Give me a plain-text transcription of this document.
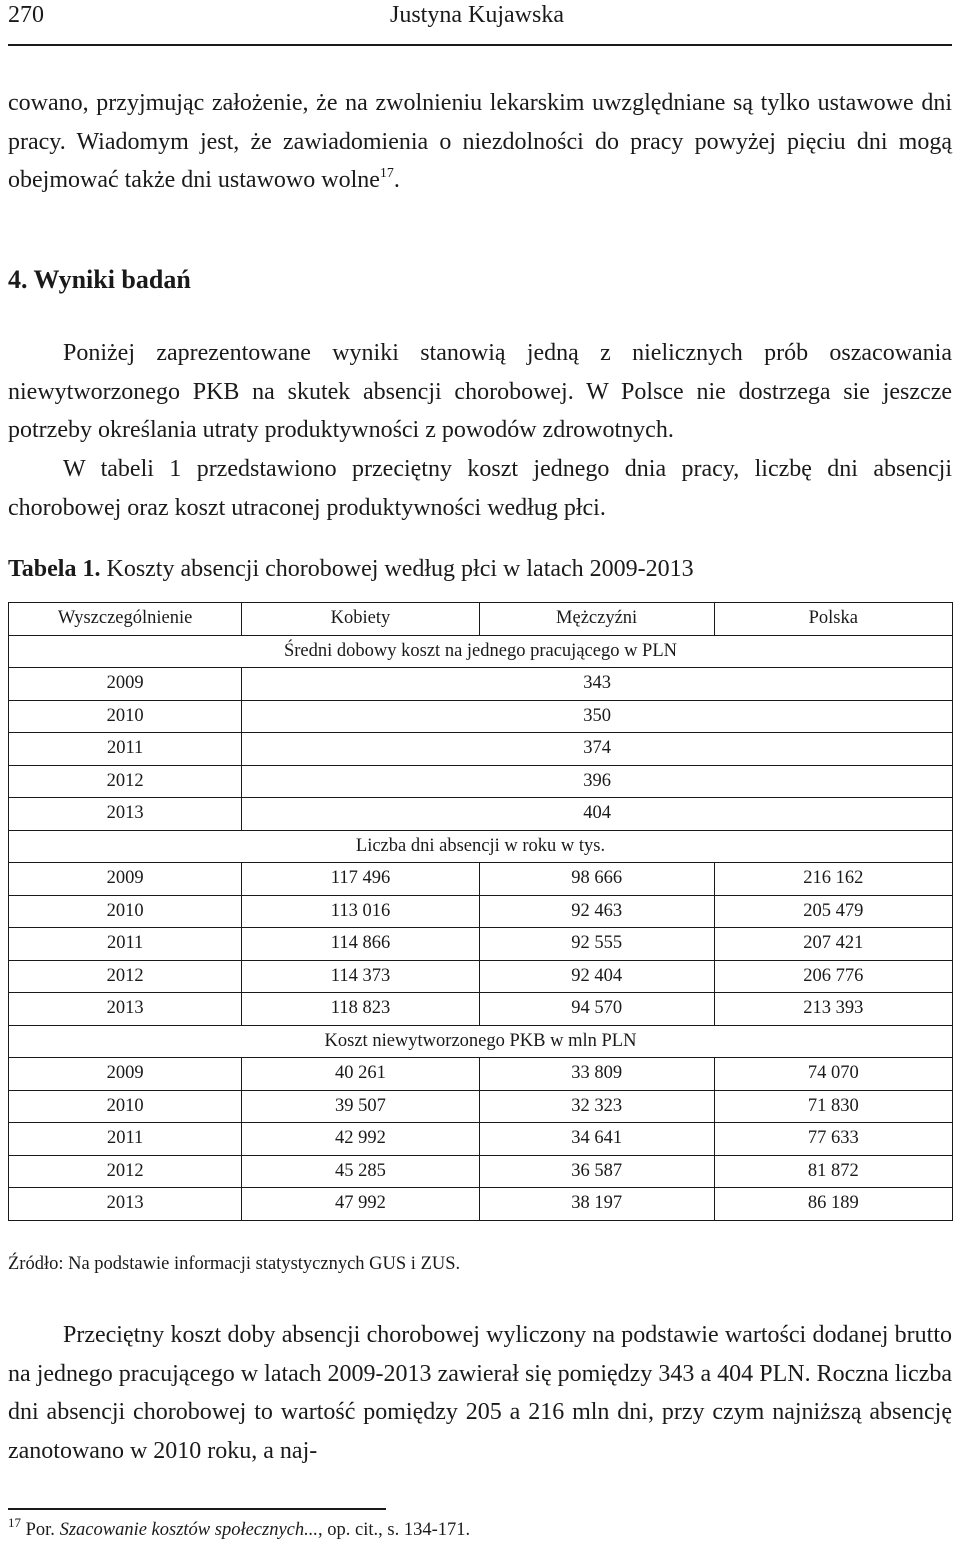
270	Justyna Kujawska

cowano, przyjmując założenie, że na zwolnieniu lekarskim uwzględniane są tylko ustawowe dni pracy. Wiadomym jest, że zawiadomienia o niezdolności do pracy powyżej pięciu dni mogą obejmować także dni ustawowo wolne$^{17}$.

4. Wyniki badań

Poniżej zaprezentowane wyniki stanowią jedną z nielicznych prób oszacowania niewytworzonego PKB na skutek absencji chorobowej. W Polsce nie dostrzega sie jeszcze potrzeby określania utraty produktywności z powodów zdrowotnych.

W tabeli 1 przedstawiono przeciętny koszt jednego dnia pracy, liczbę dni absencji chorobowej oraz koszt utraconej produktywności według płci.

Tabela 1. Koszty absencji chorobowej według płci w latach 2009-2013
Wyszczególnienie	Kobiety	Mężczyźni	Polska
Średni dobowy koszt na jednego pracującego w PLN			
2009	343		
2010	350		
2011	374		
2012	396		
2013	404		
Liczba dni absencji w roku w tys.			
2009	117 496	98 666	216 162
2010	113 016	92 463	205 479
2011	114 866	92 555	207 421
2012	114 373	92 404	206 776
2013	118 823	94 570	213 393
Koszt niewytworzonego PKB w mln PLN			
2009	40 261	33 809	74 070
2010	39 507	32 323	71 830
2011	42 992	34 641	77 633
2012	45 285	36 587	81 872
2013	47 992	38 197	86 189
Źródło: Na podstawie informacji statystycznych GUS i ZUS.

Przeciętny koszt doby absencji chorobowej wyliczony na podstawie wartości dodanej brutto na jednego pracującego w latach 2009-2013 zawierał się pomiędzy 343 a 404 PLN. Roczna liczba dni absencji chorobowej to wartość pomiędzy 205 a 216 mln dni, przy czym najniższą absencję zanotowano w 2010 roku, a naj-

$^{17}$ Por. Szacowanie kosztów społecznych..., op. cit., s. 134-171.
